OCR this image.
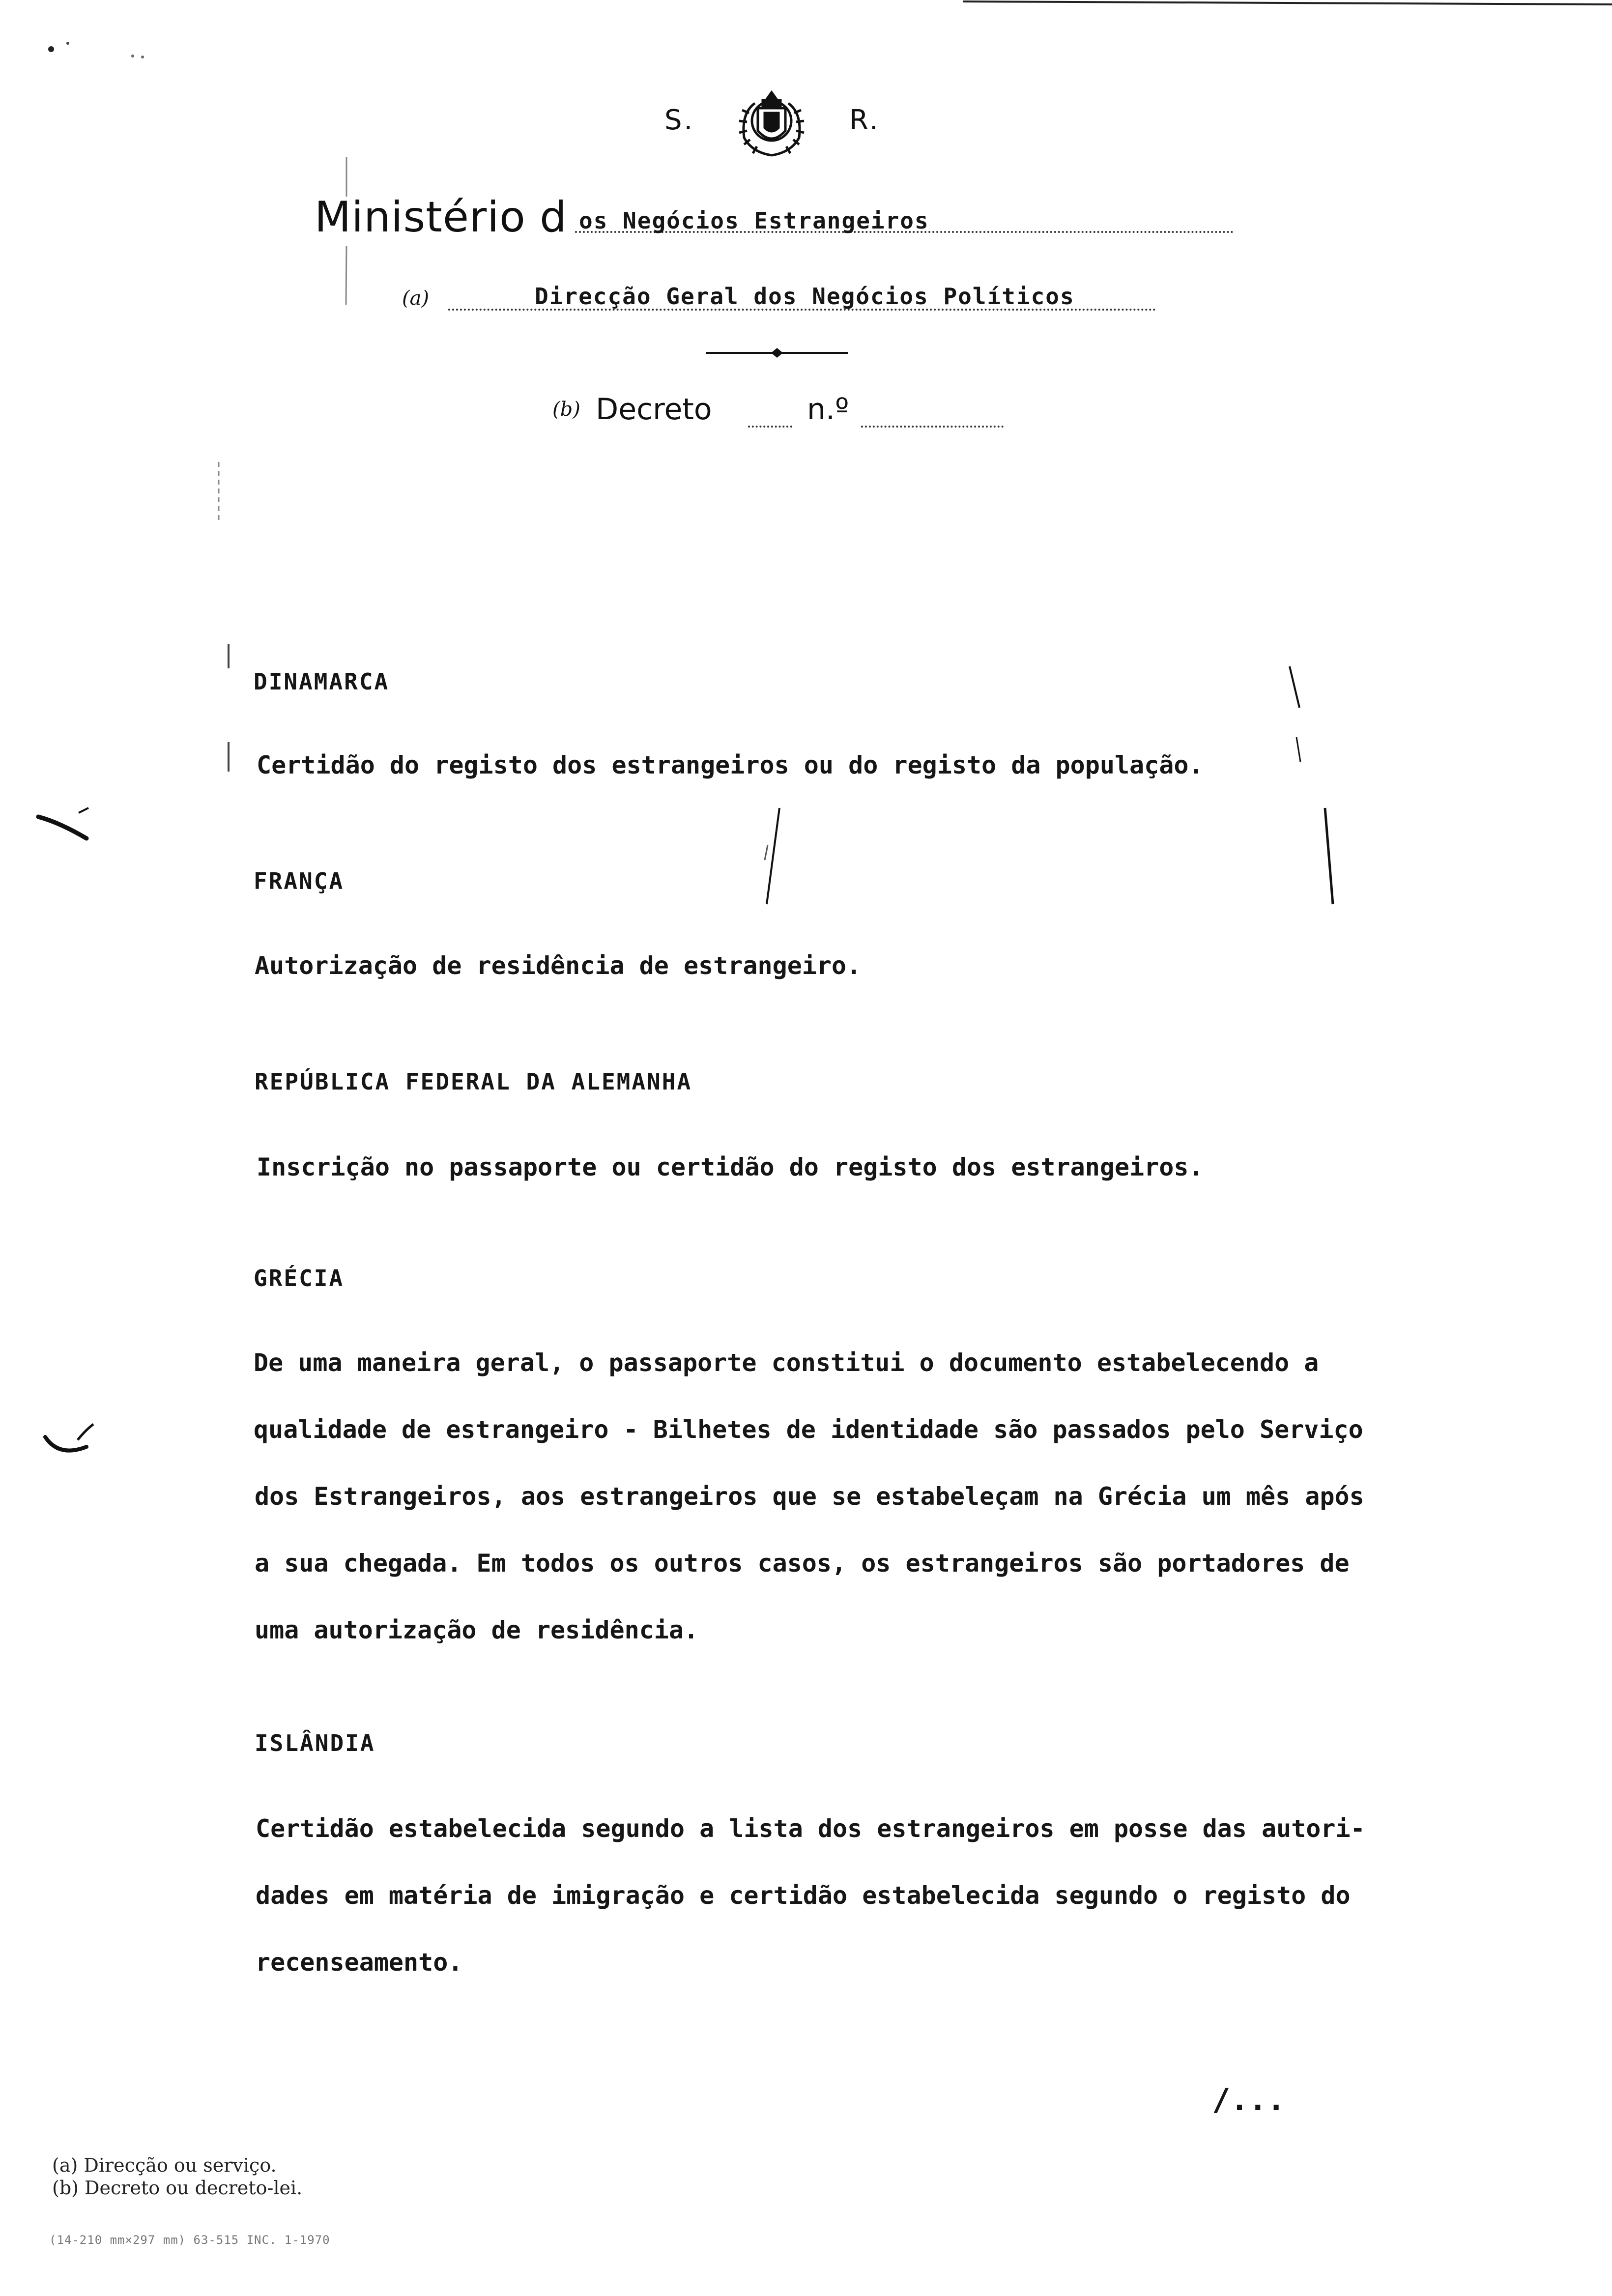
S.	R.
Ministério d os Negócios Estrangeiros
(a)	Direcção Geral dos Negócios Políticos
(b) Decreto	n.º
DINAMARCA
Certidão do registo dos estrangeiros ou do registo da população.
FRANÇA
Autorização de residência de estrangeiro.
REPÚBLICA FEDERAL DA ALEMANHA
Inscrição no passaporte ou certidão do registo dos estrangeiros.
GRÉCIA
De uma maneira geral, o passaporte constitui o documento estabelecendo a
qualidade de estrangeiro - Bilhetes de identidade são passados pelo Serviço
dos Estrangeiros, aos estrangeiros que se estabeleçam na Grécia um mês após
a sua chegada. Em todos os outros casos, os estrangeiros são portadores de
uma autorização de residência.
ISLÂNDIA
Certidão estabelecida segundo a lista dos estrangeiros em posse das autori-
dades em matéria de imigração e certidão estabelecida segundo o registo do
recenseamento.
/...
(a) Direcção ou serviço.
(b) Decreto ou decreto-lei.
(14-210 mm×297 mm) 63-515 INC. 1-1970
